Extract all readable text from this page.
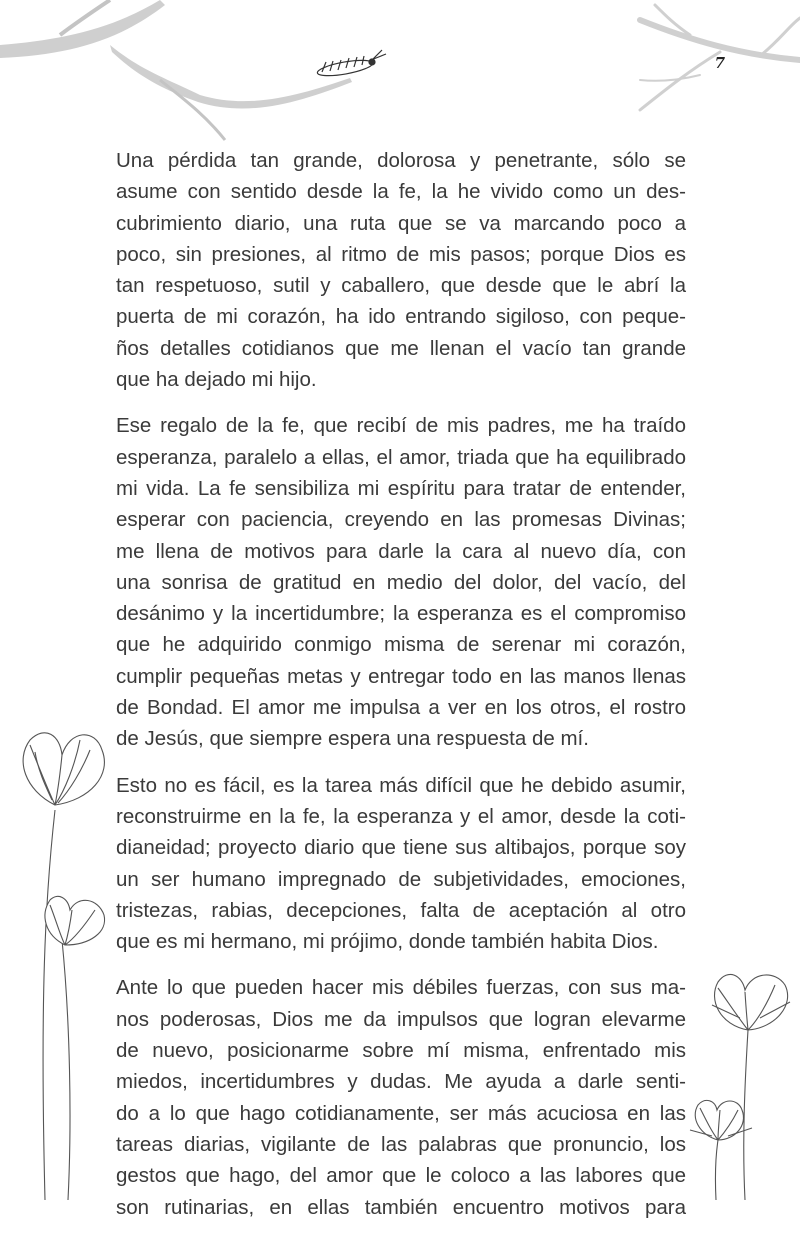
7
Una pérdida tan grande, dolorosa y penetrante, sólo se
asume con sentido desde la fe, la he vivido como un des-
cubrimiento diario, una ruta que se va marcando poco a
poco, sin presiones, al ritmo de mis pasos; porque Dios es
tan respetuoso, sutil y caballero, que desde que le abrí la
puerta de mi corazón, ha ido entrando sigiloso, con peque-
ños detalles cotidianos que me llenan el vacío tan grande
que ha dejado mi hijo.
Ese regalo de la fe, que recibí de mis padres, me ha traído
esperanza, paralelo a ellas, el amor, triada que ha equilibrado
mi vida. La fe sensibiliza mi espíritu para tratar de entender,
esperar con paciencia, creyendo en las promesas Divinas;
me llena de motivos para darle la cara al nuevo día, con
una sonrisa de gratitud en medio del dolor, del vacío, del
desánimo y la incertidumbre; la esperanza es el compromiso
que he adquirido conmigo misma de serenar mi corazón,
cumplir pequeñas metas y entregar todo en las manos llenas
de Bondad. El amor me impulsa a ver en los otros, el rostro
de Jesús, que siempre espera una respuesta de mí.
Esto no es fácil, es la tarea más difícil que he debido asumir,
reconstruirme en la fe, la esperanza y el amor, desde la coti-
dianeidad; proyecto diario que tiene sus altibajos, porque soy
un ser humano impregnado de subjetividades, emociones,
tristezas, rabias, decepciones, falta de aceptación al otro
que es mi hermano, mi prójimo, donde también habita Dios.
Ante lo que pueden hacer mis débiles fuerzas, con sus ma-
nos poderosas, Dios me da impulsos que logran elevarme
de nuevo, posicionarme sobre mí misma, enfrentado mis
miedos, incertidumbres y dudas. Me ayuda a darle senti-
do a lo que hago cotidianamente, ser más acuciosa en las
tareas diarias, vigilante de las palabras que pronuncio, los
gestos que hago, del amor que le coloco a las labores que
son rutinarias, en ellas también encuentro motivos para
